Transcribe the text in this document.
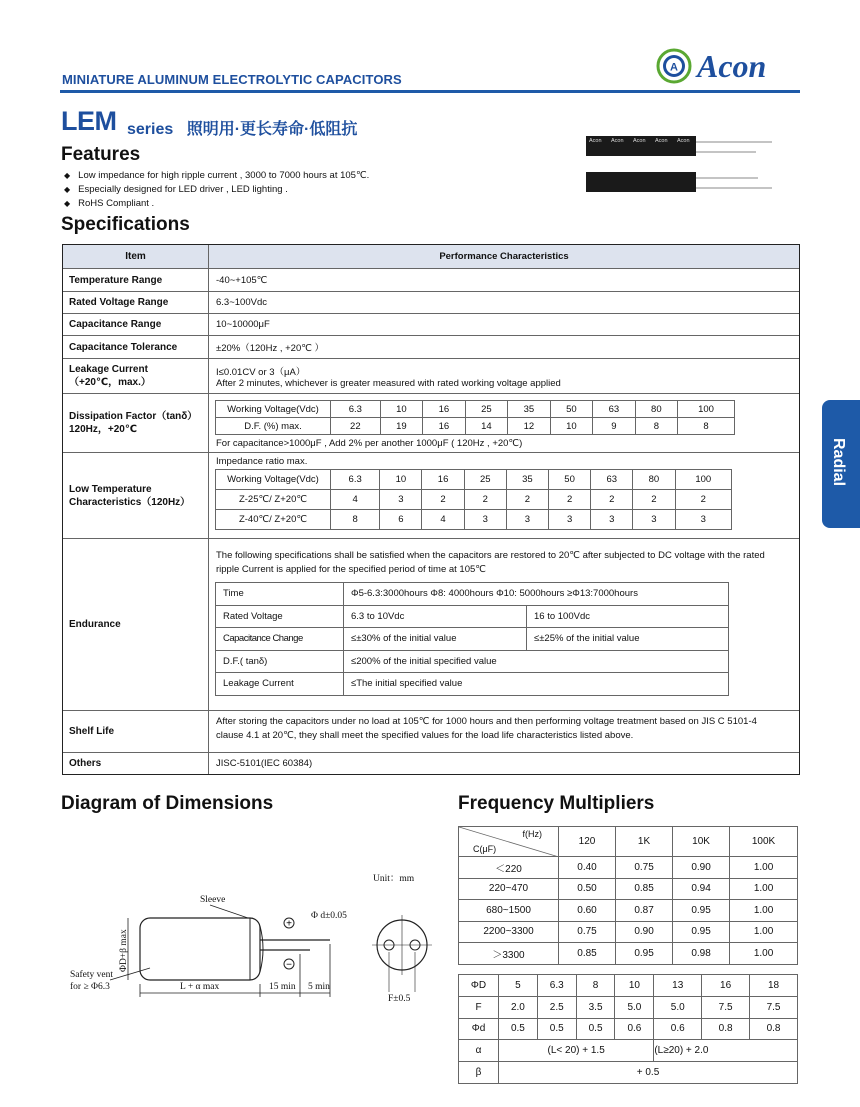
MINIATURE ALUMINUM ELECTROLYTIC CAPACITORS
A Acon
LEM series 照明用·更长寿命·低阻抗
Features
◆ Low impedance for high ripple current , 3000 to 7000 hours at 105℃.
◆ Especially designed for LED driver , LED lighting .
◆ RoHS Compliant .
Acon Acon Acon Acon Acon
Specifications
Item	Performance Characteristics
Temperature Range	-40~+105℃
Rated Voltage Range	6.3~100Vdc
Capacitance Range	10~10000μF
Capacitance Tolerance	±20%（120Hz , +20℃ ）
Leakage Current
（+20℃，max.）
I≤0.01CV or 3（μA）
After 2 minutes, whichever is greater measured with rated working voltage applied
Dissipation Factor（tanδ）
120Hz，+20℃
Working Voltage(Vdc)	6.3	10	16	25	35	50	63	80	100
D.F. (%) max.	22	19	16	14	12	10	9	8	8
For capacitance>1000μF , Add 2% per another 1000μF ( 120Hz , +20℃)
Low Temperature
Characteristics（120Hz）
Impedance ratio max.
Working Voltage(Vdc)	6.3	10	16	25	35	50	63	80	100
Z-25℃/ Z+20℃	4	3	2	2	2	2	2	2	2
Z-40℃/ Z+20℃	8	6	4	3	3	3	3	3	3
Endurance
The following specifications shall be satisfied when the capacitors are restored to 20℃ after subjected to DC voltage with the rated
ripple Current is applied for the specified period of time at 105℃
Time	Φ5-6.3:3000hours Φ8: 4000hours Φ10: 5000hours ≥Φ13:7000hours	
Rated Voltage	6.3 to 10Vdc	16 to 100Vdc
Capacitance Change	≤±30% of the initial value	≤±25% of the initial value
D.F.( tanδ)	≤200% of the initial specified value	
Leakage Current	≤The initial specified value	
Shelf Life
After storing the capacitors under no load at 105℃ for 1000 hours and then performing voltage treatment based on JIS C 5101-4
clause 4.1 at 20℃, they shall meet the specified values for the load life characteristics listed above.
Others	JISC-5101(IEC 60384)
Radial
Diagram of Dimensions
Unit：mm
Sleeve
Φ d±0.05
Safety vent
for ≥ Φ6.3	L + α max	15 min 5 min
F±0.5
ΦD+β max
+
−
Frequency Multipliers
f(Hz)
C(μF)	120	1K	10K	100K
＜220	0.40	0.75	0.90	1.00
220~470	0.50	0.85	0.94	1.00
680~1500	0.60	0.87	0.95	1.00
2200~3300	0.75	0.90	0.95	1.00
＞3300	0.85	0.95	0.98	1.00
ΦD	5	6.3	8	10	13	16	18
F	2.0	2.5	3.5	5.0	5.0	7.5	7.5
Φd	0.5	0.5	0.5	0.6	0.6	0.8	0.8
α	(L< 20) + 1.5				(L≥20) + 2.0		
β	+ 0.5						
